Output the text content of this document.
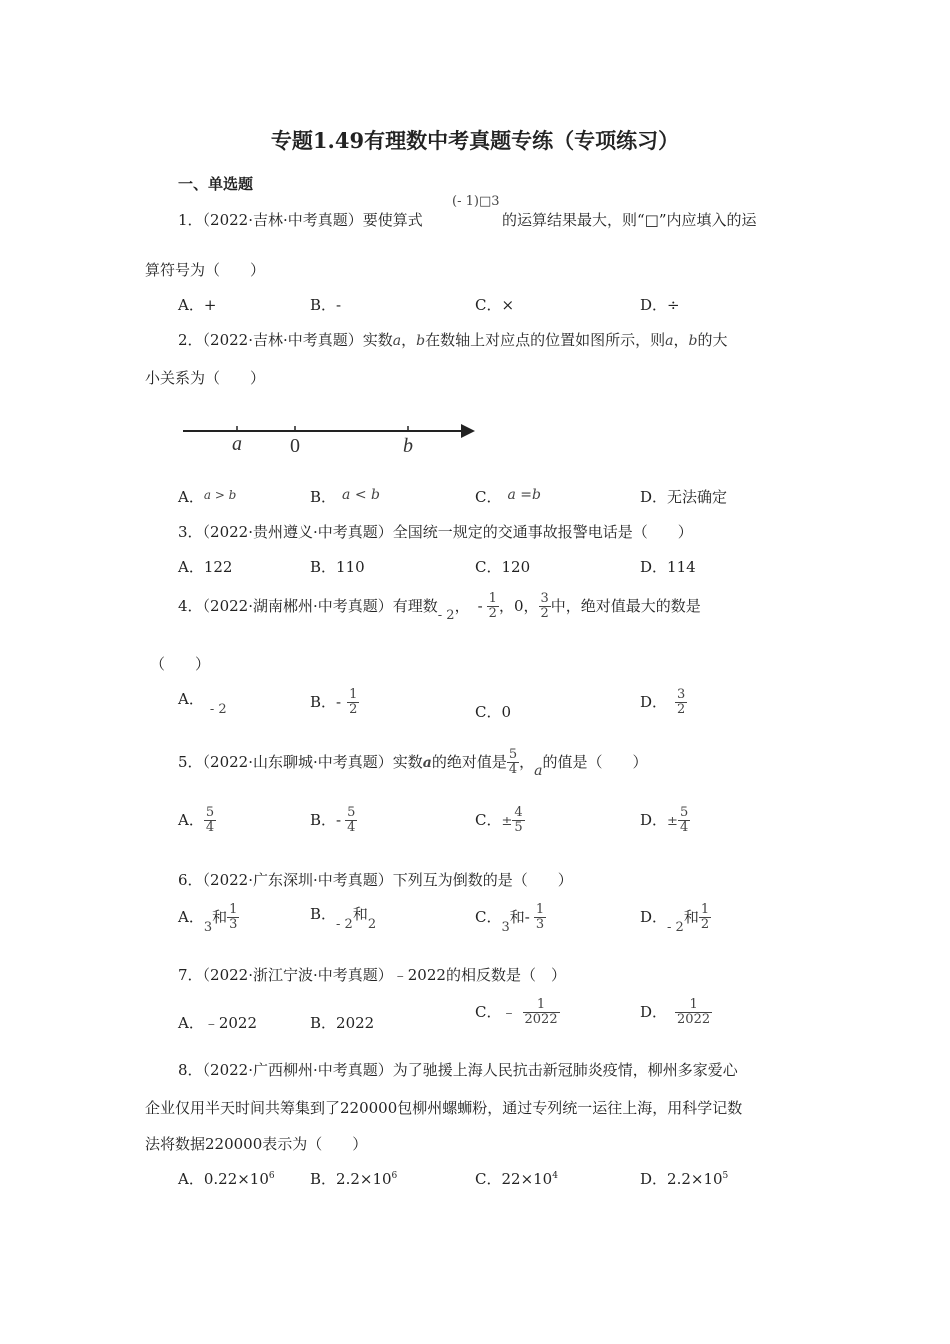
专题1.49有理数中考真题专练（专项练习）
一、单选题
1．（2022·吉林·中考真题）要使算式
(- 1)□3
的运算结果最大，则“□”内应填入的运
算符号为（　　）
A．+	B．-	C．×	D．÷
2．（2022·吉林·中考真题）实数a，b在数轴上对应点的位置如图所示，则a，b的大
小关系为（　　）
a 0	b
A．$^{a > b}$	B． a < b	C． a =b	D．无法确定
3．（2022·贵州遵义·中考真题）全国统一规定的交通事故报警电话是（　　）
A．122	B．110	C．120	D．114
4．（2022·湖南郴州·中考真题）有理数- 2， - $\frac{1}{2}$ ，0， $\frac{3}{2}$ 中，绝对值最大的数是
（　　）
A．- 2	B．- $\frac{1}{2}$	C．0
D． $\frac{3}{2}$
5．（2022·山东聊城·中考真题）实数a的绝对值是 $\frac{5}{4}$ ，a的值是（　　）
A． $\frac{5}{4}$	B．- $\frac{5}{4}$	C．± $\frac{4}{5}$	D．± $\frac{5}{4}$
6．（2022·广东深圳·中考真题）下列互为倒数的是（　　）
A．3和 $\frac{1}{3}$	B．- 2和2	C．3和- $\frac{1}{3}$	D．- 2和 $\frac{1}{2}$
7．（2022·浙江宁波·中考真题）﹣2022的相反数是（　）
A．﹣2022	B．2022
C．﹣ $\frac{1}{2022}$	D． $\frac{1}{2022}$
8．（2022·广西柳州·中考真题）为了驰援上海人民抗击新冠肺炎疫情，柳州多家爱心
企业仅用半天时间共筹集到了220000包柳州螺蛳粉，通过专列统一运往上海，用科学记数
法将数据220000表示为（　　）
A．$0.22\times 10^6$ B．$2.2\times 10^6$	C．$22\times 10^4$	D．$2.2\times 10^5$
